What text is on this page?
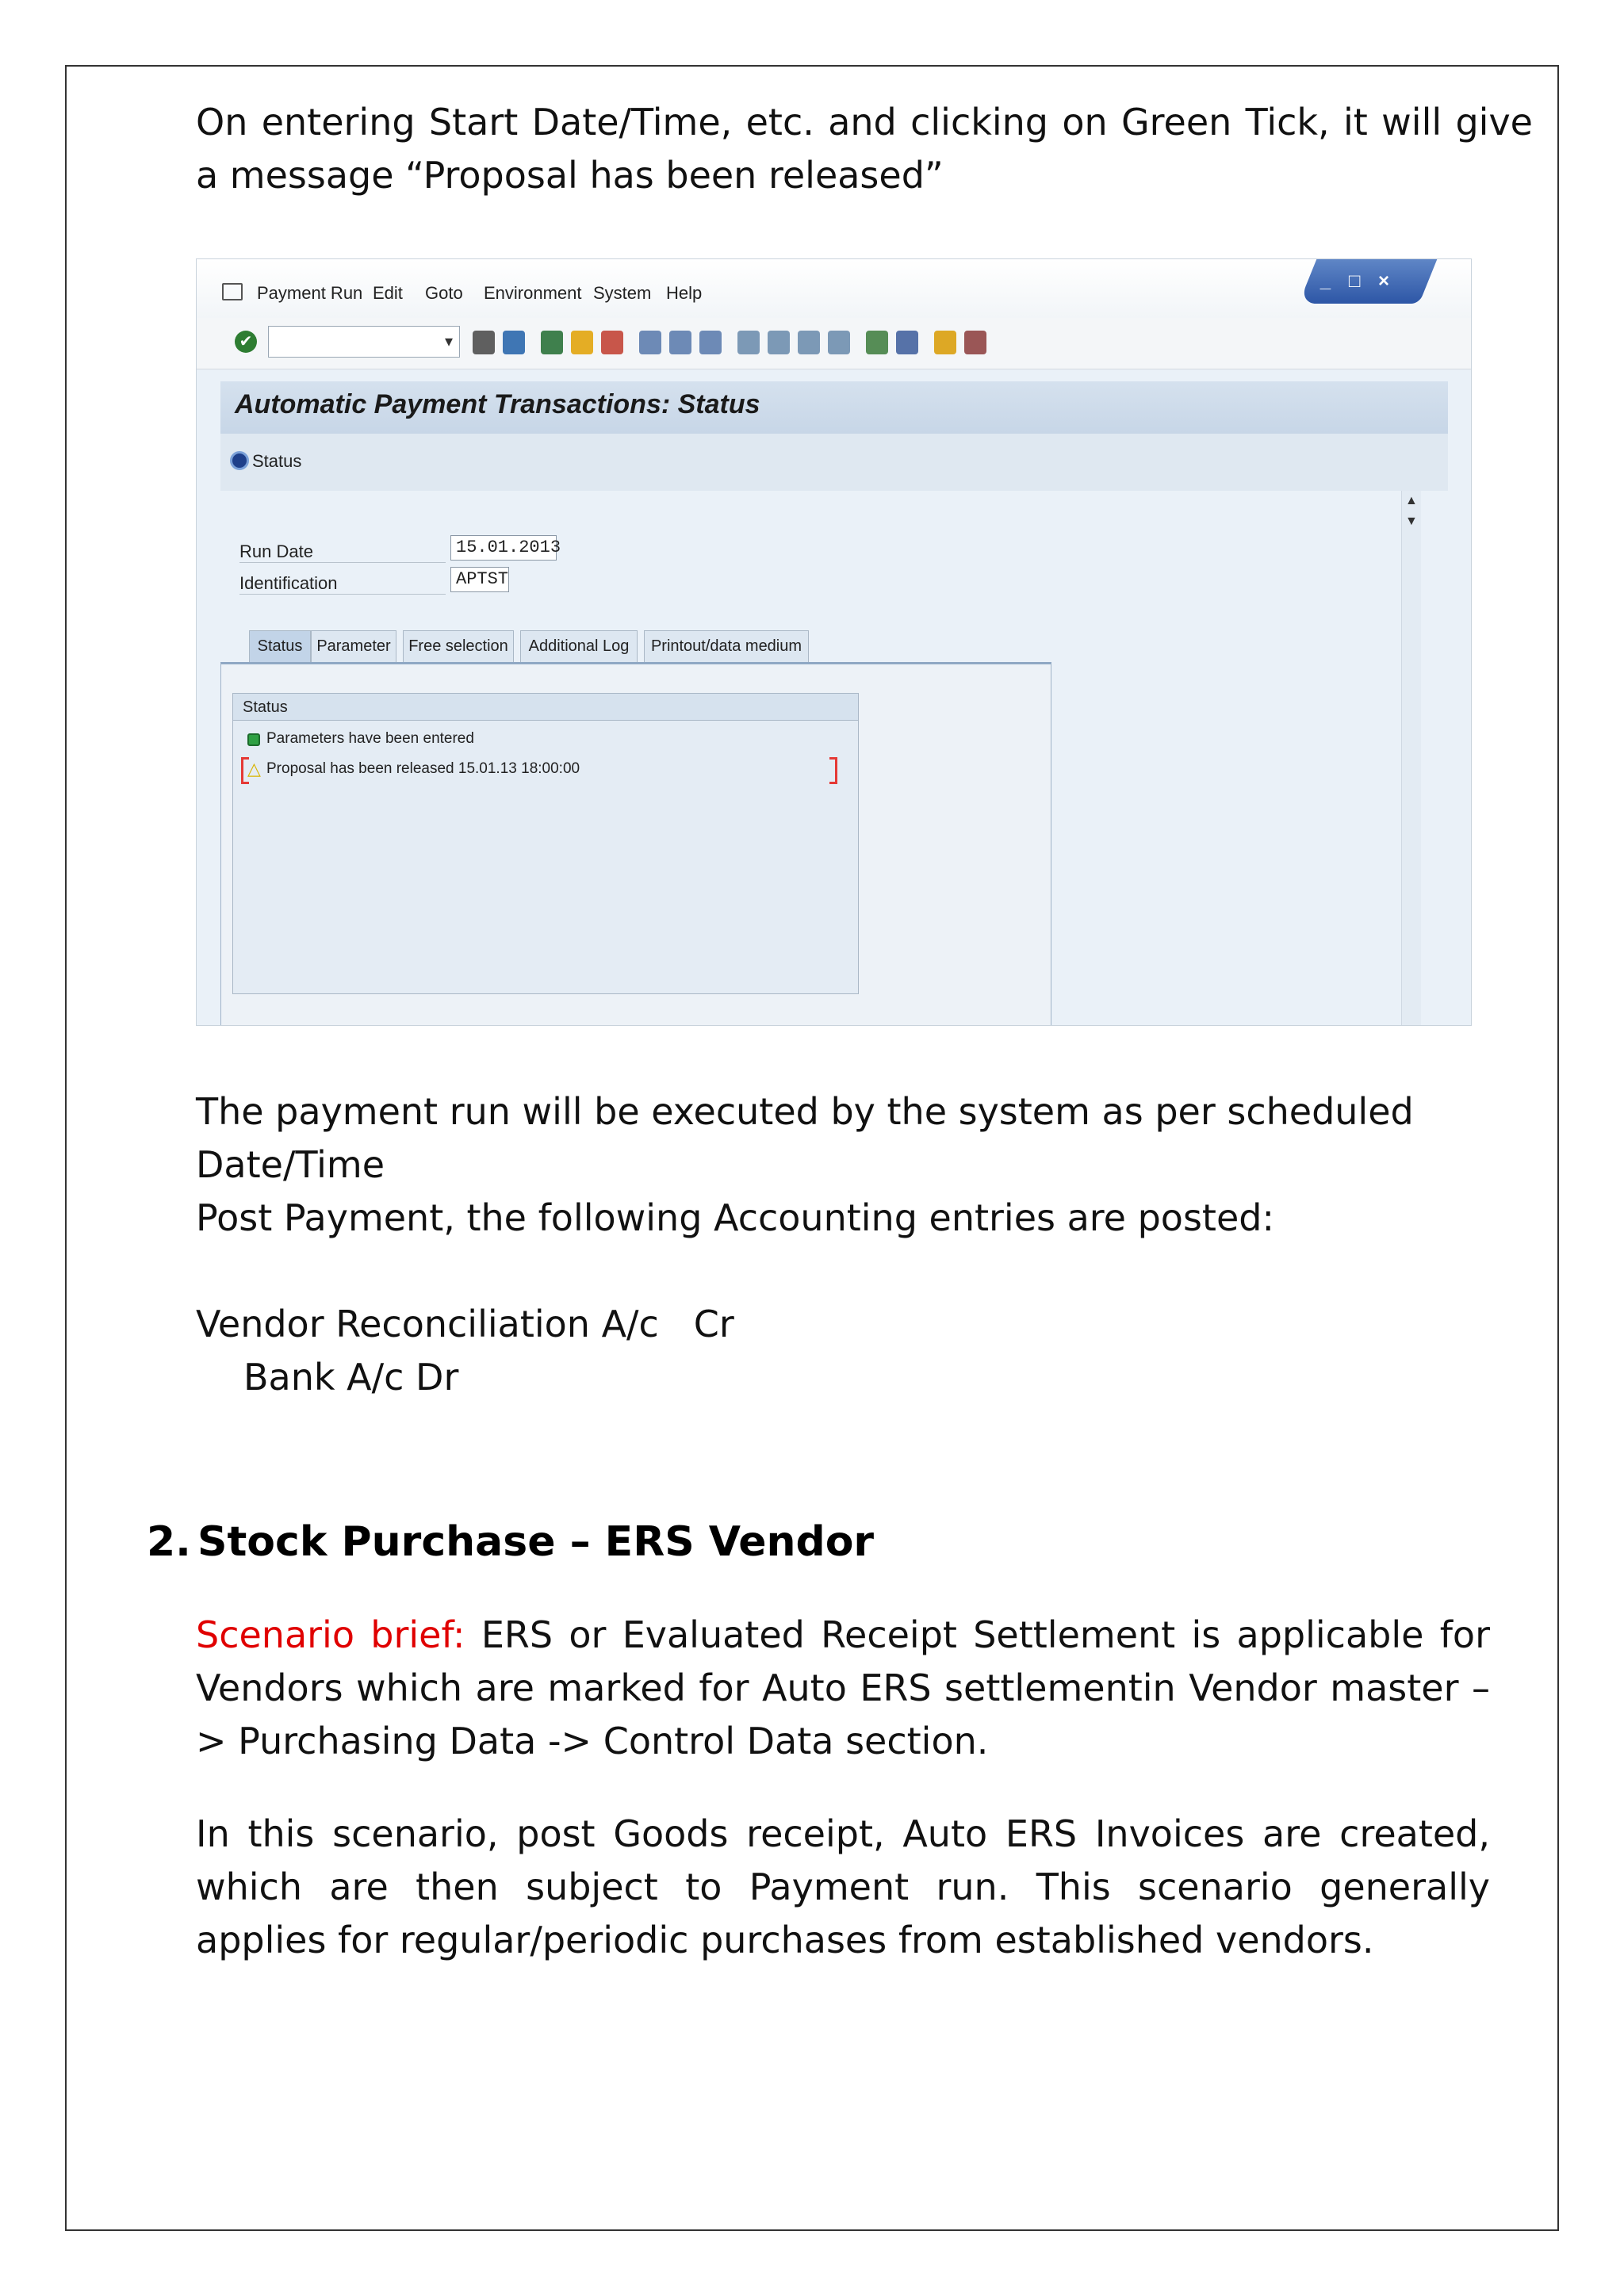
On entering Start Date/Time, etc. and clicking on Green Tick, it will give a message “Proposal has been released”
Payment Run Edit Goto Environment System Help
_ □ ×
✔	▾
Automatic Payment Transactions: Status
Status
▲
▼
Run Date	15.01.2013
Identification	APTST
Status Parameter	Free selection	Additional Log	Printout/data medium
Status
Parameters have been entered
△ Proposal has been released 15.01.13 18:00:00
The payment run will be executed by the system as per scheduled Date/Time
Post Payment, the following Accounting entries are posted:
Vendor Reconciliation A/c   Cr
Bank A/c Dr
2. Stock Purchase – ERS Vendor
Scenario brief: ERS or Evaluated Receipt Settlement is applicable for Vendors which are marked for Auto ERS settlementin Vendor master –> Purchasing Data -> Control Data section.
In this scenario, post Goods receipt, Auto ERS Invoices are created, which are then subject to Payment run. This scenario generally applies for regular/periodic purchases from established vendors.
